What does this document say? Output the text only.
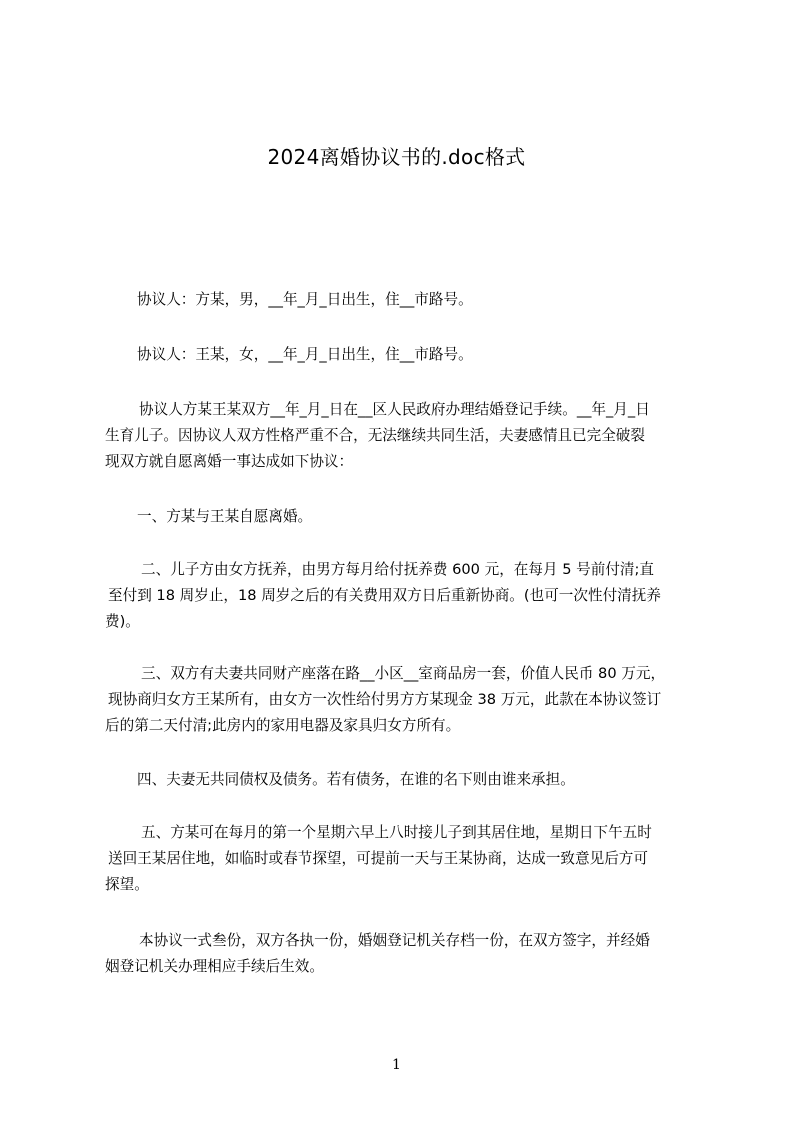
2024离婚协议书的.doc格式
协议人：方某，男，__年_月_日出生，住__市路号。
协议人：王某，女，__年_月_日出生，住__市路号。
协议人方某王某双方__年_月_日在__区人民政府办理结婚登记手续。__年_月_日
生育儿子。因协议人双方性格严重不合，无法继续共同生活，夫妻感情且已完全破裂
现双方就自愿离婚一事达成如下协议：
一、方某与王某自愿离婚。
二、儿子方由女方抚养，由男方每月给付抚养费 600 元，在每月 5 号前付清;直
至付到 18 周岁止，18 周岁之后的有关费用双方日后重新协商。(也可一次性付清抚养
费)。
三、双方有夫妻共同财产座落在路__小区__室商品房一套，价值人民币 80 万元，
现协商归女方王某所有，由女方一次性给付男方方某现金 38 万元，此款在本协议签订
后的第二天付清;此房内的家用电器及家具归女方所有。
四、夫妻无共同债权及债务。若有债务，在谁的名下则由谁来承担。
五、方某可在每月的第一个星期六早上八时接儿子到其居住地，星期日下午五时
送回王某居住地，如临时或春节探望，可提前一天与王某协商，达成一致意见后方可
探望。
本协议一式叁份，双方各执一份，婚姻登记机关存档一份，在双方签字，并经婚
姻登记机关办理相应手续后生效。
1
